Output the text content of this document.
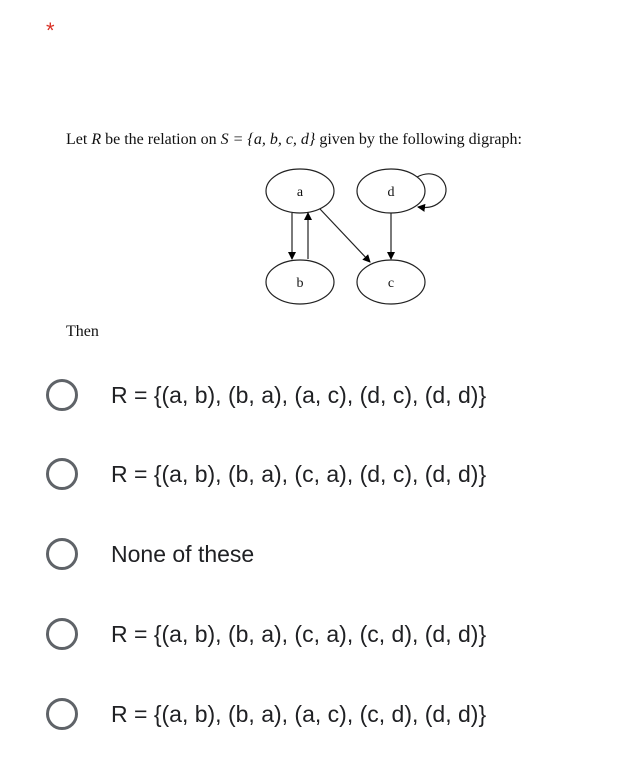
*
Let R be the relation on S = {a, b, c, d} given by the following digraph:
a
b	c
d
Then
R = {(a, b), (b, a), (a, c), (d, c), (d, d)}
R = {(a, b), (b, a), (c, a), (d, c), (d, d)}
None of these
R = {(a, b), (b, a), (c, a), (c, d), (d, d)}
R = {(a, b), (b, a), (a, c), (c, d), (d, d)}
